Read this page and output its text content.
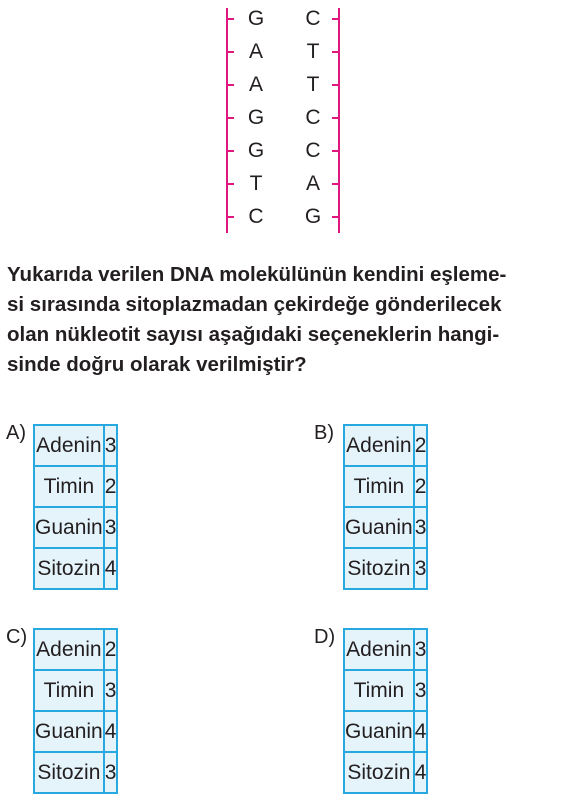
G C
A T
A T
G C
G C
T A
C G
Yukarıda verilen DNA molekülünün kendini eşleme-
si sırasında sitoplazmadan çekirdeğe gönderilecek
olan nükleotit sayısı aşağıdaki seçeneklerin hangi-
sinde doğru olarak verilmiştir?
A)
Adenin	3
Timin	2
Guanin	3
Sitozin	4
B)
Adenin	2
Timin	2
Guanin	3
Sitozin	3
C)
Adenin	2
Timin	3
Guanin	4
Sitozin	3
D)
Adenin	3
Timin	3
Guanin	4
Sitozin	4
